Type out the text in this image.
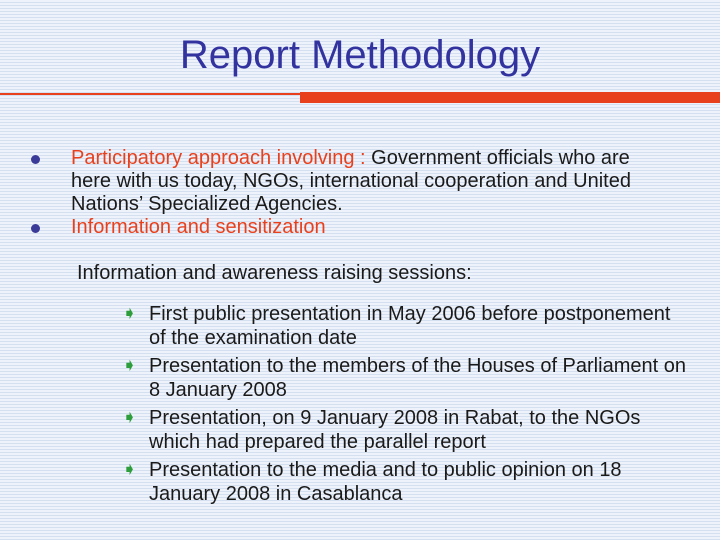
Report Methodology
Participatory approach involving : Government officials who are here with us today, NGOs, international cooperation and United Nations’ Specialized Agencies.
Information and sensitization
Information and awareness raising sessions:
➧ First public presentation in May 2006 before postponement of the examination date
➧ Presentation to the members of the Houses of Parliament on 8 January 2008
➧ Presentation, on 9 January 2008 in Rabat, to the NGOs which had prepared the parallel report
➧ Presentation to the media and to public opinion on 18 January 2008 in Casablanca
